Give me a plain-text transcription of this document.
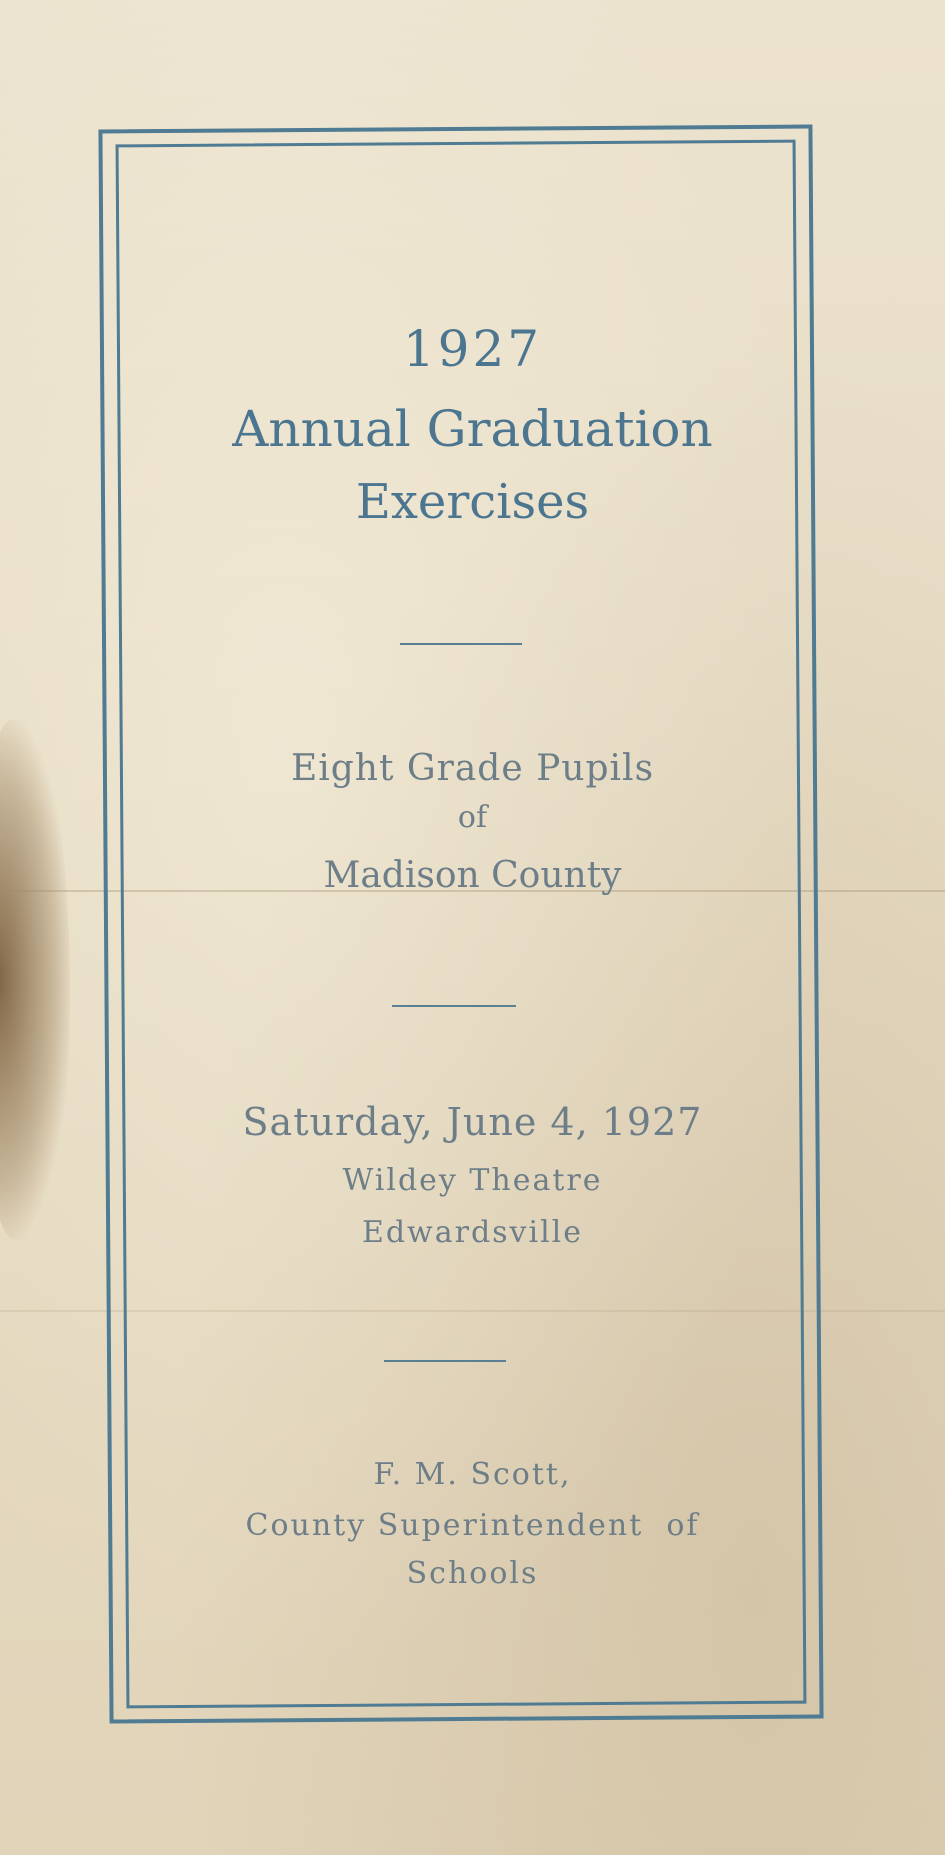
1927
Annual Graduation
Exercises
Eight Grade Pupils
of
Madison County
Saturday, June 4, 1927
Wildey Theatre
Edwardsville
F. M. Scott,
County Superintendent  of
Schools
